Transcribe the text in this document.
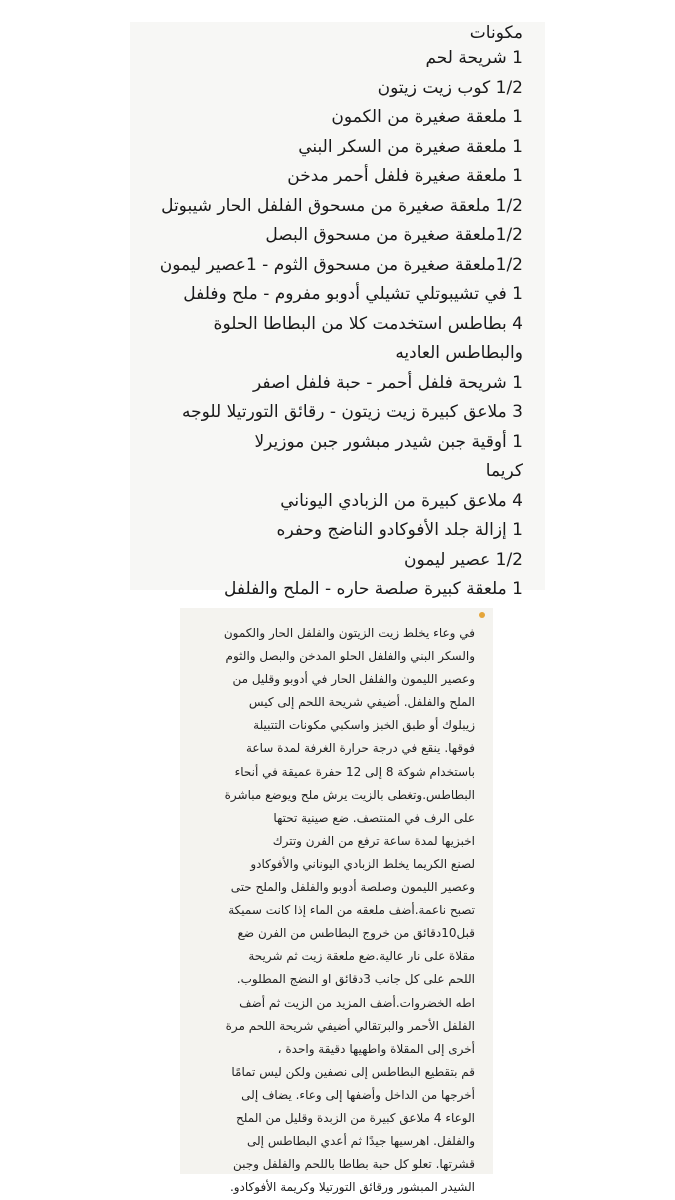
مكونات
1 شريحة لحم
1/2 كوب زيت زيتون
1 ملعقة صغيرة من الكمون
1 ملعقة صغيرة من السكر البني
1 ملعقة صغيرة فلفل أحمر مدخن
1/2 ملعقة صغيرة من مسحوق الفلفل الحار شيبوتل
1/2ملعقة صغيرة من مسحوق البصل
1/2ملعقة صغيرة من مسحوق الثوم - 1عصير ليمون
1 في تشيبوتلي تشيلي أدوبو مفروم - ملح وفلفل
4 بطاطس استخدمت كلا من البطاطا الحلوة
والبطاطس العاديه
1 شريحة فلفل أحمر - حبة فلفل اصفر
3 ملاعق كبيرة زيت زيتون - رقائق التورتيلا للوجه
1 أوقية جبن شيدر مبشور جبن موزيرلا
كريما
4 ملاعق كبيرة من الزبادي اليوناني
1 إزالة جلد الأفوكادو الناضج وحفره
1/2 عصير ليمون
1 ملعقة كبيرة صلصة حاره - الملح والفلفل
في وعاء يخلط زيت الزيتون والفلفل الحار والكمون
والسكر البني والفلفل الحلو المدخن والبصل والثوم
وعصير الليمون والفلفل الحار في أدوبو وقليل من
الملح والفلفل. أضيفي شريحة اللحم إلى كيس
زيبلوك أو طبق الخبز واسكبي مكونات التتبيلة
فوقها. ينقع في درجة حرارة الغرفة لمدة ساعة
باستخدام شوكة 8 إلى 12 حفرة عميقة في أنحاء
البطاطس.وتغطى بالزيت يرش ملح ويوضع مباشرة
على الرف في المنتصف. ضع صينية تحتها
اخبزيها لمدة ساعة ترفع من الفرن وتترك
لصنع الكريما يخلط الزبادي اليوناني والأفوكادو
وعصير الليمون وصلصة أدوبو والفلفل والملح حتى
تصبح ناعمة.أضف ملعقه من الماء إذا كانت سميكة
قبل10دقائق من خروج البطاطس من الفرن ضع
مقلاة على نار عالية.ضع ملعقة زيت ثم شريحة
اللحم على كل جانب 3دقائق او النضج المطلوب.
اطه الخضروات.أضف المزيد من الزيت ثم أضف
الفلفل الأحمر والبرتقالي أضيفي شريحة اللحم مرة
أخرى إلى المقلاة واطهيها دقيقة واحدة ،
قم بتقطيع البطاطس إلى نصفين ولكن ليس تمامًا
أخرجها من الداخل وأضفها إلى وعاء. يضاف إلى
الوعاء 4 ملاعق كبيرة من الزبدة وقليل من الملح
والفلفل. اهرسيها جيدًا ثم أعدي البطاطس إلى
قشرتها. تعلو كل حبة بطاطا باللحم والفلفل وجبن
الشيدر المبشور ورقائق التورتيلا وكريمة الأفوكادو.
